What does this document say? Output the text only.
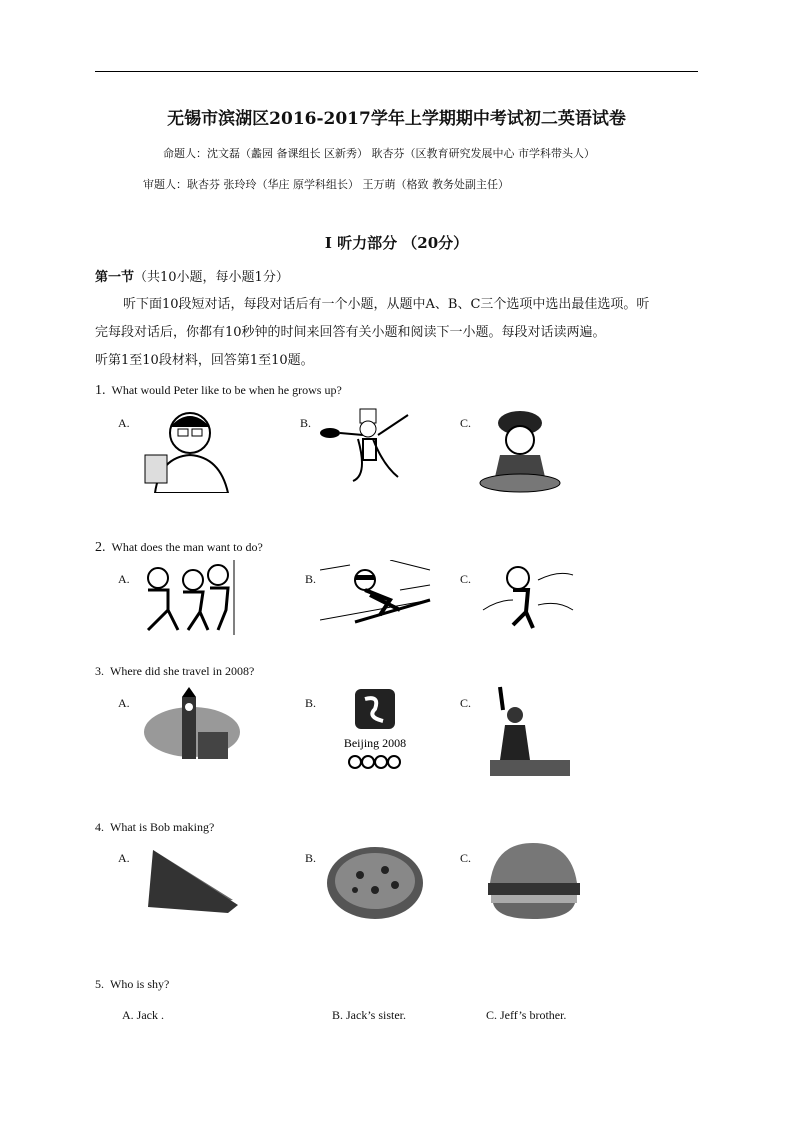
无锡市滨湖区2016-2017学年上学期期中考试初二英语试卷
命题人：沈文磊（蠡园 备课组长 区新秀） 耿杏芬（区教育研究发展中心 市学科带头人）
审题人：耿杏芬 张玲玲（华庄 原学科组长） 王万萌（格致 教务处副主任）
I 听力部分 （20分）
第一节（共10小题，每小题1分）
听下面10段短对话，每段对话后有一个小题，从题中A、B、C三个选项中选出最佳选项。听
完每段对话后，你都有10秒钟的时间来回答有关小题和阅读下一小题。每段对话读两遍。
听第1至10段材料，回答第1至10题。
1. What would Peter like to be when he grows up?
A.	B.	C.
2. What does the man want to do?
A.	B.	C.
3. Where did she travel in 2008?
A.	B.	C.
Beijing 2008
4. What is Bob making?
A.	B.	C.
5. Who is shy?
A. Jack .	B. Jack’s sister.	C. Jeff’s brother.
